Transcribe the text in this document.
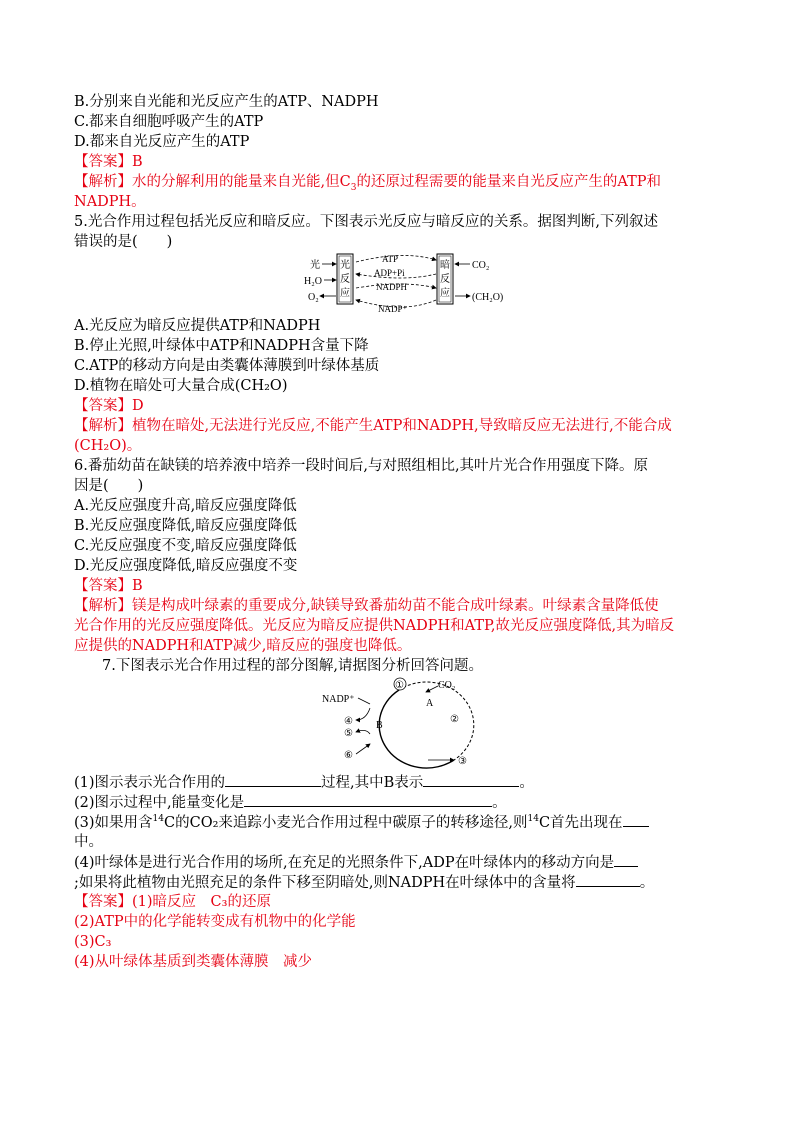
B.分别来自光能和光反应产生的ATP、NADPH
C.都来自细胞呼吸产生的ATP
D.都来自光反应产生的ATP
【答案】B
【解析】水的分解利用的能量来自光能,但$C_3$的还原过程需要的能量来自光反应产生的ATP和
NADPH。
5.光合作用过程包括光反应和暗反应。下图表示光反应与暗反应的关系。据图判断,下列叙述
错误的是(　　)
光
H₂O
O₂
光
反
应
ATP
ADP+Pi
NADPH
NADP⁺
暗
反
应
CO₂
(CH₂O)
A.光反应为暗反应提供ATP和NADPH
B.停止光照,叶绿体中ATP和NADPH含量下降
C.ATP的移动方向是由类囊体薄膜到叶绿体基质
D.植物在暗处可大量合成(CH₂O)
【答案】D
【解析】植物在暗处,无法进行光反应,不能产生ATP和NADPH,导致暗反应无法进行,不能合成
(CH₂O)。
6.番茄幼苗在缺镁的培养液中培养一段时间后,与对照组相比,其叶片光合作用强度下降。原
因是(　　)
A.光反应强度升高,暗反应强度降低
B.光反应强度降低,暗反应强度降低
C.光反应强度不变,暗反应强度降低
D.光反应强度降低,暗反应强度不变
【答案】B
【解析】镁是构成叶绿素的重要成分,缺镁导致番茄幼苗不能合成叶绿素。叶绿素含量降低使
光合作用的光反应强度降低。光反应为暗反应提供NADPH和ATP,故光反应强度降低,其为暗反
应提供的NADPH和ATP减少,暗反应的强度也降低。
7.下图表示光合作用过程的部分图解,请据图分析回答问题。
①	CO₂
A
②
③
NADP⁺
④
⑤
B
⑥
(1)图示表示光合作用的	过程,其中B表示	。
(2)图示过程中,能量变化是	。
(3)如果用含$^{14}$C的CO₂来追踪小麦光合作用过程中碳原子的转移途径,则$^{14}$C首先出现在
中。
(4)叶绿体是进行光合作用的场所,在充足的光照条件下,ADP在叶绿体内的移动方向是
;如果将此植物由光照充足的条件下移至阴暗处,则NADPH在叶绿体中的含量将	。
【答案】(1)暗反应　C₃的还原
(2)ATP中的化学能转变成有机物中的化学能
(3)C₃
(4)从叶绿体基质到类囊体薄膜　减少
